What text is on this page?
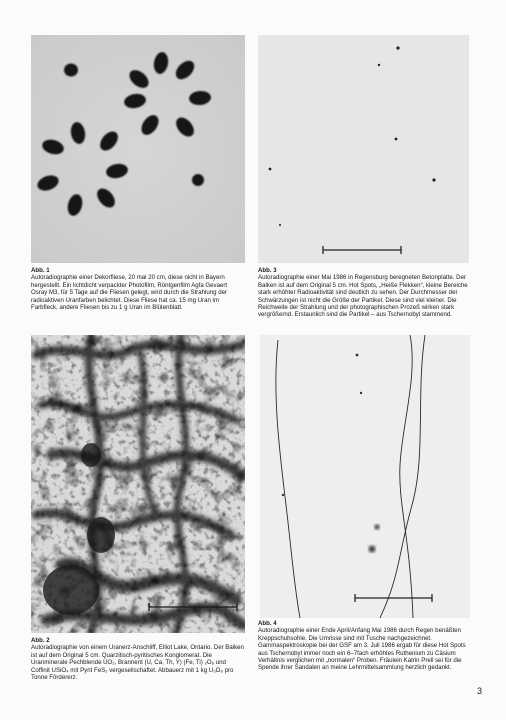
Abb. 1
Autoradiographie einer Dekorfliese, 20 mal 20 cm, diese nicht in Bayern hergestellt. Ein lichtdicht verpackter Photofilm, Röntgenfilm Agfa Gevaert Osray M3, für 5 Tage auf die Fliesen gelegt, wird durch die Strahlung der radioaktiven Uranfarben belichtet. Diese Fliese hat ca. 15 mg Uran im Farbfleck, andere Fliesen bis zu 1 g Uran im Blütenblatt.
Abb. 3
Autoradiographie einer Mai 1986 in Regensburg beregneten Betonplatte. Der Balken ist auf dem Original 5 cm. Hot Spots, „Heiße Flekken“, kleine Bereiche stark erhöhter Radioaktivität sind deutlich zu sehen. Der Durchmesser der Schwärzungen ist nicht die Größe der Partikel. Diese sind viel kleiner. Die Reichweite der Strahlung und der photographischen Prozeß wirken stark vergrößernd. Erstaunlich sind die Partikel – aus Tschernobyl stammend.
Abb. 2
Autoradiographie von einem Uranerz-Anschliff, Elliot Lake, Ontario. Der Balken ist auf dem Original 5 cm. Quarzitisch-pyritisches Konglomerat. Die Uranminerale Pechblende UO₂, Brannerit (U, Ca, Th, Y) (Fe, Ti) ₂O₆ und Coffinit USiO₄ mit Pyrit FeS₂ vergesellschaftet. Abbauerz mit 1 kg U₃O₈ pro Tonne Fördererz.
Abb. 4
Autoradiographie einer Ende April/Anfang Mai 1986 durch Regen benäßten Kreppschuhsohle. Die Umrisse sind mit Tusche nachgezeichnet. Gammaspektroskopie bei der GSF am 3. Juli 1986 ergab für diese Hot Spots aus Tschernobyl immer noch ein 6–7fach erhöhtes Ruthenium zu Cäsium Verhältnis verglichen mit „normalen“ Proben. Fräulein Katrin Prell sei für die Spende ihrer Sandalen an meine Lehrmittelsammlung herzlich gedankt.
3
